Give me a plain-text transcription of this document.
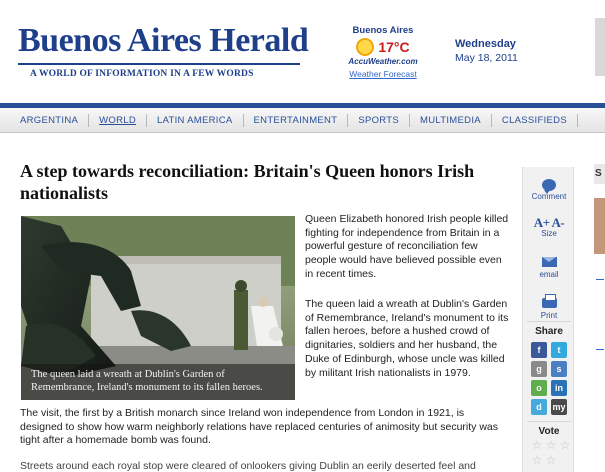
Buenos Aires Herald
A WORLD OF INFORMATION IN A FEW WORDS
Buenos Aires
17°C
AccuWeather.com
Weather Forecast
Wednesday
May 18, 2011
ARGENTINA	WORLD	LATIN AMERICA	ENTERTAINMENT	SPORTS	MULTIMEDIA	CLASSIFIEDS
A step towards reconciliation: Britain's Queen honors Irish nationalists
The queen laid a wreath at Dublin's Garden of Remembrance, Ireland's monument to its fallen heroes.

Queen Elizabeth honored Irish people killed fighting for independence from Britain in a powerful gesture of reconciliation few people would have believed possible even in recent times.

The queen laid a wreath at Dublin's Garden of Remembrance, Ireland's monument to its fallen heroes, before a hushed crowd of dignitaries, soldiers and her husband, the Duke of Edinburgh, whose uncle was killed by militant Irish nationalists in 1979.

The visit, the first by a British monarch since Ireland won independence from London in 1921, is designed to show how warm neighborly relations have replaced centuries of animosity but security was tight after a homemade bomb was found.

Streets around each royal stop were cleared of onlookers giving Dublin an eerily deserted feel and

Comment
A+ A-
Size
email
Print
Share
f	t
g	s
o	in
d	my
Vote
☆ ☆ ☆
☆ ☆
S
